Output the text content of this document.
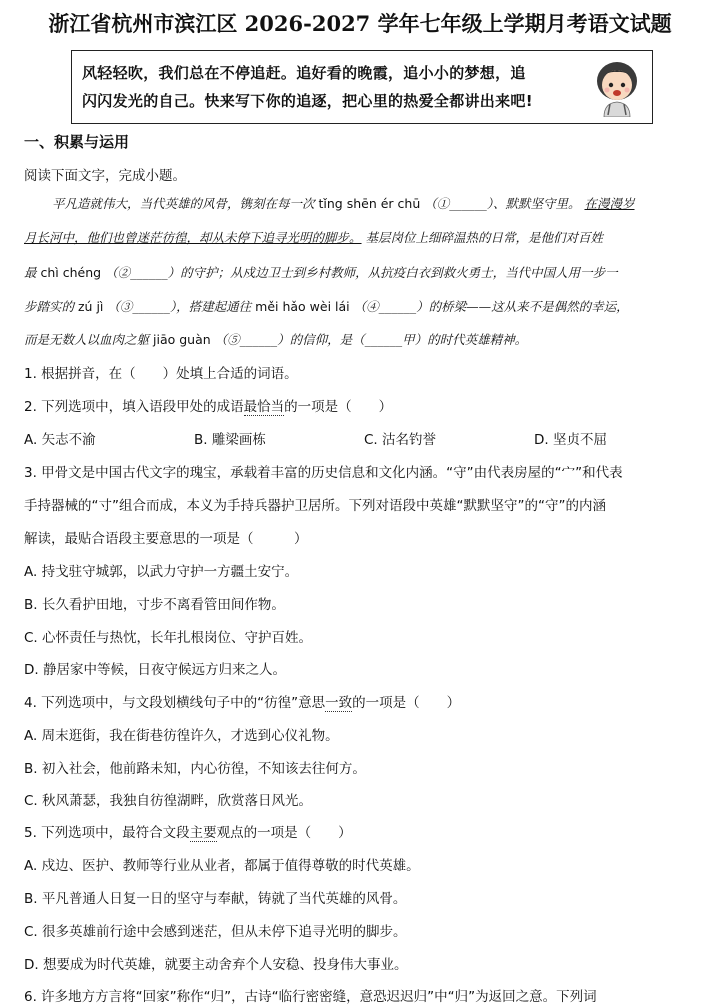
浙江省杭州市滨江区 2026-2027 学年七年级上学期月考语文试题
风轻轻吹，我们总在不停追赶。追好看的晚霞，追小小的梦想，追
闪闪发光的自己。快来写下你的追逐，把心里的热爱全都讲出来吧!
一、积累与运用
阅读下面文字，完成小题。
平凡造就伟大，当代英雄的风骨，镌刻在每一次 tǐng shēn ér chū （①______）、默默坚守里。 在漫漫岁
月长河中，他们也曾迷茫彷徨，却从未停下追寻光明的脚步。 基层岗位上细碎温热的日常，是他们对百姓
最 chì chéng （②______）的守护；从戍边卫士到乡村教师，从抗疫白衣到救火勇士，当代中国人用一步一
步踏实的 zú jì （③______），搭建起通往 měi hǎo wèi lái （④______）的桥梁——这从来不是偶然的幸运，
而是无数人以血肉之躯 jiāo guàn （⑤______）的信仰，是（______甲）的时代英雄精神。
1. 根据拼音，在（　　）处填上合适的词语。
2. 下列选项中，填入语段甲处的成语最恰当的一项是（　　）
A. 矢志不渝	B. 雕梁画栋	C. 沽名钓誉	D. 坚贞不屈
3. 甲骨文是中国古代文字的瑰宝，承载着丰富的历史信息和文化内涵。“守”由代表房屋的“宀”和代表
手持器械的“寸”组合而成，本义为手持兵器护卫居所。下列对语段中英雄“默默坚守”的“守”的内涵
解读，最贴合语段主要意思的一项是（　　　）
A. 持戈驻守城郭，以武力守护一方疆土安宁。
B. 长久看护田地，寸步不离看管田间作物。
C. 心怀责任与热忱，长年扎根岗位、守护百姓。
D. 静居家中等候，日夜守候远方归来之人。
4. 下列选项中，与文段划横线句子中的“彷徨”意思一致的一项是（　　）
A. 周末逛街，我在街巷彷徨许久，才选到心仪礼物。
B. 初入社会，他前路未知，内心彷徨，不知该去往何方。
C. 秋风萧瑟，我独自彷徨湖畔，欣赏落日风光。
5. 下列选项中，最符合文段主要观点的一项是（　　）
A. 戍边、医护、教师等行业从业者，都属于值得尊敬的时代英雄。
B. 平凡普通人日复一日的坚守与奉献，铸就了当代英雄的风骨。
C. 很多英雄前行途中会感到迷茫，但从未停下追寻光明的脚步。
D. 想要成为时代英雄，就要主动舍弃个人安稳、投身伟大事业。
6. 许多地方方言将“回家”称作“归”，古诗“临行密密缝，意恐迟迟归”中“归”为返回之意。下列词
